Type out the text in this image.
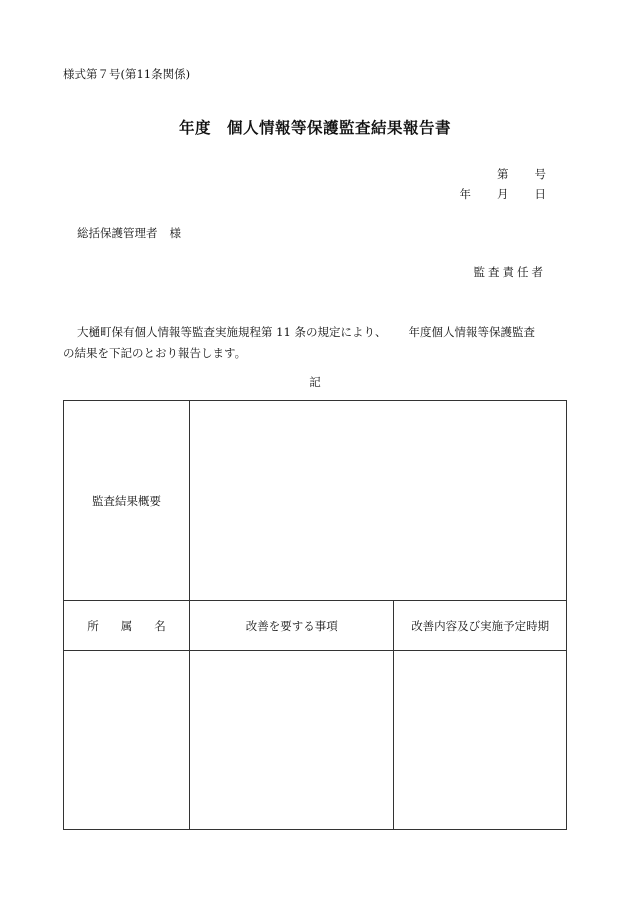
様式第７号(第11条関係)
年度　個人情報等保護監査結果報告書
第 号
年 月 日
総括保護管理者 様
監査責任者
大樋町保有個人情報等監査実施規程第 11 条の規定により、 年度個人情報等保護監査
の結果を下記のとおり報告します。
記
監査結果概要		
所 属 名	改善を要する事項	改善内容及び実施予定時期
